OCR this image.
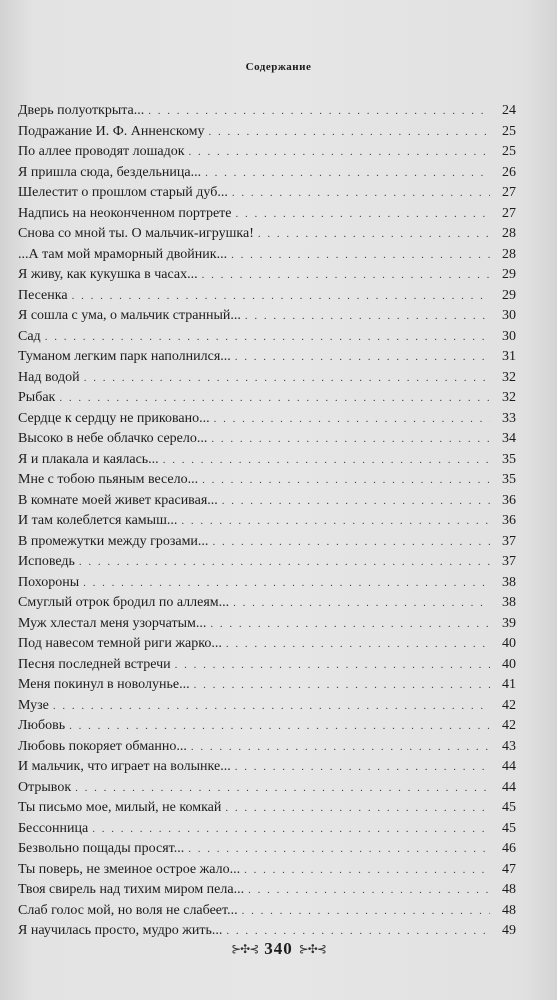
Содержание
Дверь полуоткрыта... . . .	24
Подражание И. Ф. Анненскому . . .	25
По аллее проводят лошадок . . .	25
Я пришла сюда, бездельница... . . .	26
Шелестит о прошлом старый дуб... . . .	27
Надпись на неоконченном портрете . . .	27
Снова со мной ты. О мальчик-игрушка! . . .	28
...А там мой мраморный двойник... . . .	28
Я живу, как кукушка в часах... . . .	29
Песенка . . .	29
Я сошла с ума, о мальчик странный... . . .	30
Сад . . .	30
Туманом легким парк наполнился... . . .	31
Над водой . . .	32
Рыбак . . .	32
Сердце к сердцу не приковано... . . .	33
Высоко в небе облачко серело... . . .	34
Я и плакала и каялась... . . .	35
Мне с тобою пьяным весело... . . .	35
В комнате моей живет красивая... . . .	36
И там колеблется камыш... . . .	36
В промежутки между грозами... . . .	37
Исповедь . . .	37
Похороны . . .	38
Смуглый отрок бродил по аллеям... . . .	38
Муж хлестал меня узорчатым... . . .	39
Под навесом темной риги жарко... . . .	40
Песня последней встречи . . .	40
Меня покинул в новолунье... . . .	41
Музе . . .	42
Любовь . . .	42
Любовь покоряет обманно... . . .	43
И мальчик, что играет на волынке... . . .	44
Отрывок . . .	44
Ты письмо мое, милый, не комкай . . .	45
Бессонница . . .	45
Безвольно пощады просят... . . .	46
Ты поверь, не змеиное острое жало... . . .	47
Твоя свирель над тихим миром пела... . . .	48
Слаб голос мой, но воля не слабеет... . . .	48
Я научилась просто, мудро жить... . . .	49
⊱✣⊰ 340 ⊱✣⊰
